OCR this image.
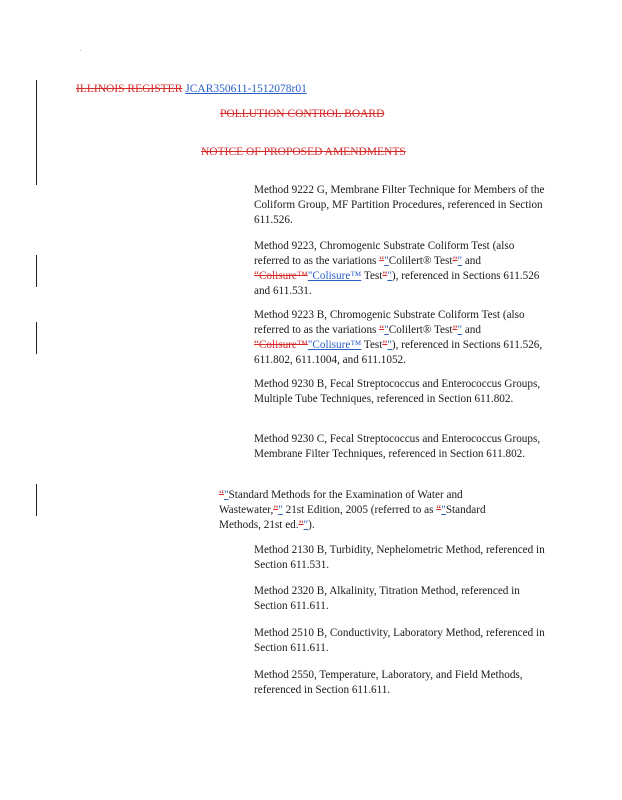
ILLINOIS REGISTER JCAR350611-1512078r01
POLLUTION CONTROL BOARD
NOTICE OF PROPOSED AMENDMENTS
Method 9222 G, Membrane Filter Technique for Members of the Coliform Group, MF Partition Procedures, referenced in Section 611.526.
Method 9223, Chromogenic Substrate Coliform Test (also referred to as the variations “"Colilert® Test”" and “Colisure™"Colisure™ Test”"), referenced in Sections 611.526 and 611.531.
Method 9223 B, Chromogenic Substrate Coliform Test (also referred to as the variations “"Colilert® Test”" and “Colisure™"Colisure™ Test”"), referenced in Sections 611.526, 611.802, 611.1004, and 611.1052.
Method 9230 B, Fecal Streptococcus and Enterococcus Groups, Multiple Tube Techniques, referenced in Section 611.802.
Method 9230 C, Fecal Streptococcus and Enterococcus Groups, Membrane Filter Techniques, referenced in Section 611.802.
“"Standard Methods for the Examination of Water and Wastewater,”" 21st Edition, 2005 (referred to as “"Standard Methods, 21st ed.”").
Method 2130 B, Turbidity, Nephelometric Method, referenced in Section 611.531.
Method 2320 B, Alkalinity, Titration Method, referenced in Section 611.611.
Method 2510 B, Conductivity, Laboratory Method, referenced in Section 611.611.
Method 2550, Temperature, Laboratory, and Field Methods, referenced in Section 611.611.
